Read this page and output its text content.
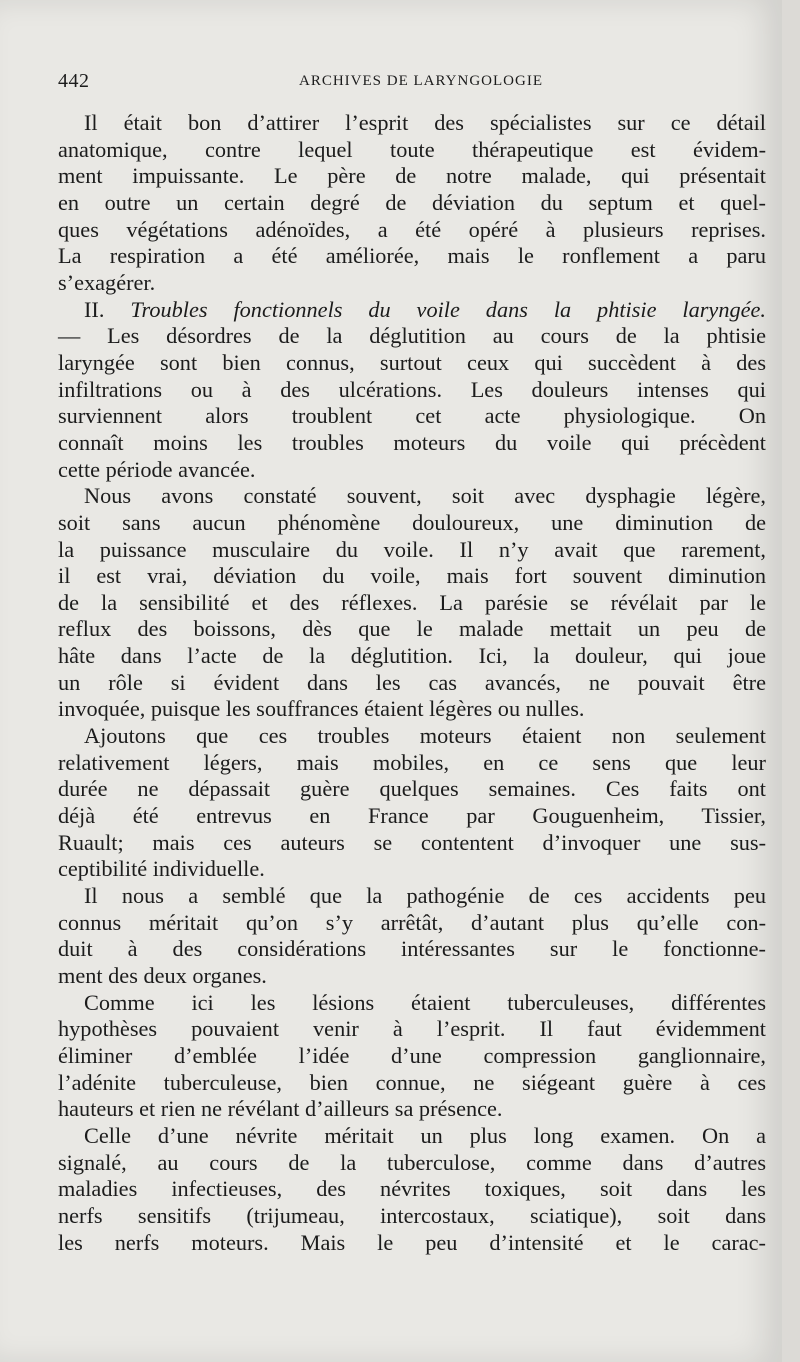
442	ARCHIVES DE LARYNGOLOGIE
Il était bon d’attirer l’esprit des spécialistes sur ce détail
anatomique, contre lequel toute thérapeutique est évidem-
ment impuissante. Le père de notre malade, qui présentait
en outre un certain degré de déviation du septum et quel-
ques végétations adénoïdes, a été opéré à plusieurs reprises.
La respiration a été améliorée, mais le ronflement a paru
s’exagérer.
II. Troubles fonctionnels du voile dans la phtisie laryngée.
— Les désordres de la déglutition au cours de la phtisie
laryngée sont bien connus, surtout ceux qui succèdent à des
infiltrations ou à des ulcérations. Les douleurs intenses qui
surviennent alors troublent cet acte physiologique. On
connaît moins les troubles moteurs du voile qui précèdent
cette période avancée.
Nous avons constaté souvent, soit avec dysphagie légère,
soit sans aucun phénomène douloureux, une diminution de
la puissance musculaire du voile. Il n’y avait que rarement,
il est vrai, déviation du voile, mais fort souvent diminution
de la sensibilité et des réflexes. La parésie se révélait par le
reflux des boissons, dès que le malade mettait un peu de
hâte dans l’acte de la déglutition. Ici, la douleur, qui joue
un rôle si évident dans les cas avancés, ne pouvait être
invoquée, puisque les souffrances étaient légères ou nulles.
Ajoutons que ces troubles moteurs étaient non seulement
relativement légers, mais mobiles, en ce sens que leur
durée ne dépassait guère quelques semaines. Ces faits ont
déjà été entrevus en France par Gouguenheim, Tissier,
Ruault; mais ces auteurs se contentent d’invoquer une sus-
ceptibilité individuelle.
Il nous a semblé que la pathogénie de ces accidents peu
connus méritait qu’on s’y arrêtât, d’autant plus qu’elle con-
duit à des considérations intéressantes sur le fonctionne-
ment des deux organes.
Comme ici les lésions étaient tuberculeuses, différentes
hypothèses pouvaient venir à l’esprit. Il faut évidemment
éliminer d’emblée l’idée d’une compression ganglionnaire,
l’adénite tuberculeuse, bien connue, ne siégeant guère à ces
hauteurs et rien ne révélant d’ailleurs sa présence.
Celle d’une névrite méritait un plus long examen. On a
signalé, au cours de la tuberculose, comme dans d’autres
maladies infectieuses, des névrites toxiques, soit dans les
nerfs sensitifs (trijumeau, intercostaux, sciatique), soit dans
les nerfs moteurs. Mais le peu d’intensité et le carac-
